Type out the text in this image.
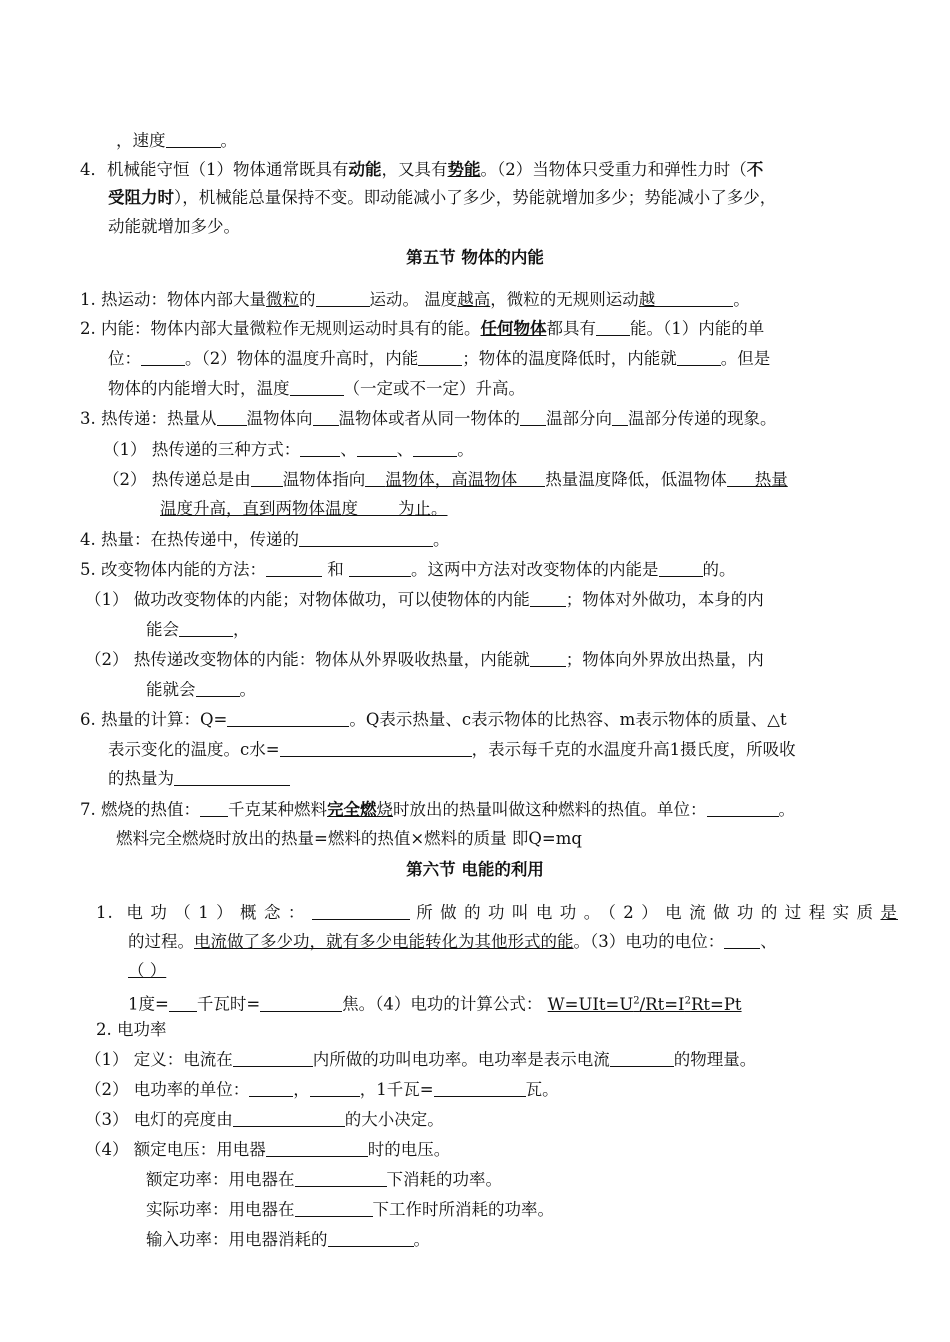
，速度	。
4．机械能守恒（1）物体通常既具有动能，又具有势能。（2）当物体只受重力和弹性力时（不
受阻力时），机械能总量保持不变。即动能减小了多少，势能就增加多少；势能减小了多少，
动能就增加多少。
第五节 物体的内能
1. 热运动：物体内部大量微粒的	运动。 温度越高，微粒的无规则运动越	。
2. 内能：物体内部大量微粒作无规则运动时具有的能。任何物体都具有 能。（1）内能的单
位：	。（2）物体的温度升高时，内能	；物体的温度降低时，内能就	。但是
物体的内能增大时，温度	（一定或不一定）升高。
3. 热传递：热量从 温物体向 温物体或者从同一物体的 温部分向 温部分传递的现象。
（1） 热传递的三种方式： 、 、	。
（2） 热传递总是由 温物体指向 温物体，高温物体 热量温度降低，低温物体 热量
温度升高，直到两物体温度 为止。
4. 热量：在热传递中，传递的	。
5. 改变物体内能的方法：	和	。这两中方法对改变物体的内能是	的。
（1） 做功改变物体的内能；对物体做功，可以使物体的内能 ；物体对外做功，本身的内
能会	，
（2） 热传递改变物体的内能：物体从外界吸收热量，内能就 ；物体向外界放出热量，内
能就会	。
6. 热量的计算：Q=	。Q表示热量、c表示物体的比热容、m表示物体的质量、△t
表示变化的温度。c水=	，表示每千克的水温度升高1摄氏度，所吸收
的热量为
7. 燃烧的热值： 千克某种燃料完全燃烧时放出的热量叫做这种燃料的热值。单位：	。
燃料完全燃烧时放出的热量=燃料的热值×燃料的质量 即Q=mq
第六节 电能的利用
1. 电功（1）概念：	所做的功叫电功。（2）电流做功的过程实质是
的过程。电流做了多少功，就有多少电能转化为其他形式的能。（3）电功的电位： 、
（ ）
1度= 千瓦时=	焦。（4）电功的计算公式： $W=UIt=U^2/Rt=I^2Rt=Pt$
2. 电功率
（1） 定义：电流在	内所做的功叫电功率。电功率是表示电流	的物理量。
（2） 电功率的单位：	，	，1千瓦=	瓦。
（3） 电灯的亮度由	的大小决定。
（4） 额定电压：用电器	时的电压。
额定功率：用电器在	下消耗的功率。
实际功率：用电器在	下工作时所消耗的功率。
输入功率：用电器消耗的	。
